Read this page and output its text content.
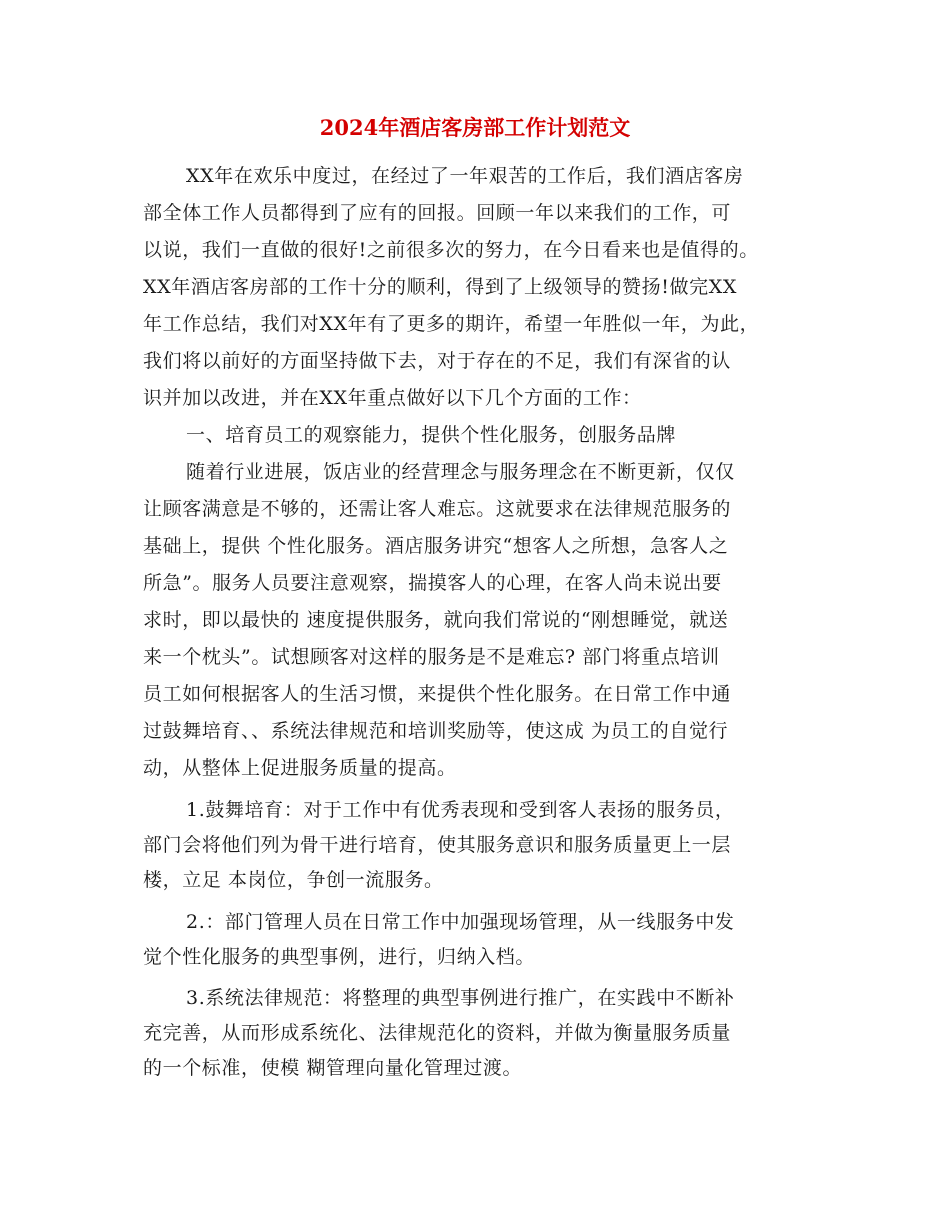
2024年酒店客房部工作计划范文
XX年在欢乐中度过，在经过了一年艰苦的工作后，我们酒店客房
部全体工作人员都得到了应有的回报。回顾一年以来我们的工作，可
以说，我们一直做的很好!之前很多次的努力，在今日看来也是值得的。
XX年酒店客房部的工作十分的顺利，得到了上级领导的赞扬!做完XX
年工作总结，我们对XX年有了更多的期许，希望一年胜似一年，为此，
我们将以前好的方面坚持做下去，对于存在的不足，我们有深省的认
识并加以改进，并在XX年重点做好以下几个方面的工作：
一、培育员工的观察能力，提供个性化服务，创服务品牌
随着行业进展，饭店业的经营理念与服务理念在不断更新，仅仅
让顾客满意是不够的，还需让客人难忘。这就要求在法律规范服务的
基础上，提供 个性化服务。酒店服务讲究“想客人之所想，急客人之
所急”。服务人员要注意观察，揣摸客人的心理，在客人尚未说出要
求时，即以最快的 速度提供服务，就向我们常说的“刚想睡觉，就送
来一个枕头”。试想顾客对这样的服务是不是难忘? 部门将重点培训
员工如何根据客人的生活习惯，来提供个性化服务。在日常工作中通
过鼓舞培育、、系统法律规范和培训奖励等，使这成 为员工的自觉行
动，从整体上促进服务质量的提高。
1.鼓舞培育：对于工作中有优秀表现和受到客人表扬的服务员，
部门会将他们列为骨干进行培育，使其服务意识和服务质量更上一层
楼，立足 本岗位，争创一流服务。
2.：部门管理人员在日常工作中加强现场管理，从一线服务中发
觉个性化服务的典型事例，进行，归纳入档。
3.系统法律规范：将整理的典型事例进行推广，在实践中不断补
充完善，从而形成系统化、法律规范化的资料，并做为衡量服务质量
的一个标准，使模 糊管理向量化管理过渡。
